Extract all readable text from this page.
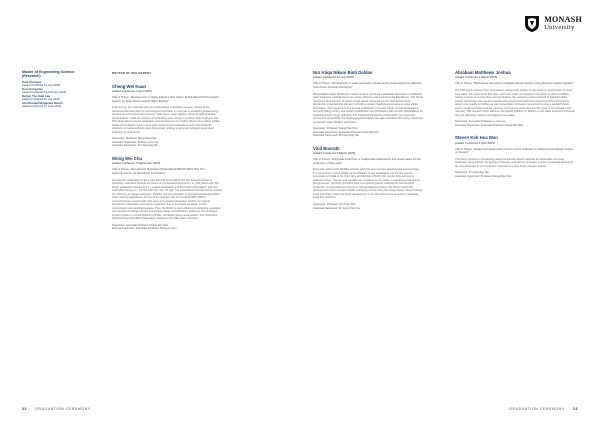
MONASH
University
Master of Engineering Science (Research)
Kam Chi Kent
(Award Conferred 13 July 2025)
Kooi Kong Hao
(Award Conferred 14 February 2025)
Darren Tze Huat Lau
(Award Conferred 15 July 2025)
Ahi Ahamed Mohamed Nazrin
(Award Conferred 15 June 2025)
DOCTOR OF PHILOSOPHY
Cheng Wei Kuan
(Award Conferred 2 April 2025)
Title of Thesis: "Development of Highly Effective Zinc Indium Sulfide-Based Photocatalytic System for Solar-Driven Overall Water Splitting"
Solar energy, the most abundant yet underutilised renewable resource, stands as the quintessential fossil point for technological innovation in response to escalating global energy demand and environmental concerns. Solar-driven water splitting, driven by light-activated photocatalysts, holds the promise of harnessing solar energy to produce clean hydrogen fuel. This study delves into the exploration and development of a highly efficient zinc indium sulfide-based photocatalytic system, from both experimental investigations and computational analyses, to realise ambient solar-driven water splitting to generate hydrogen as an ideal substitute for fossil fuels.
Supervisor: Professor Siang-Piao Chai
Associate Supervisor: Dr Boon-Junn Ng
Associate Supervisor: Dr Lling-Lling Tan
Wong Wei Chu
(Award Conferred 7 September 2025)
Title of Thesis: "Ferroelectric Modulated Photocathode BiFeO3-BFO Thin Film Heterostructures via Rare-Earth Substitution"
Ferroelectric polarisation in the p-type bismuth ferrite (BFO) thin film heterostructures is effectively modulated through the choice of crystal heterostructures (i.e., (001) facet and (111) facet), polarisation directions (i.e., upward polarisation and downward polarisation), and rare-earth (RE) doping (i.e., 1% Nd, 10% Sm, and 7% Gd). The manipulated heterostructures boosts the efficiency of charge separation, transfer, and recombination in photoelectrochemical (PEC) water splitting applications. Among all the samples, the 1% Gd doped BFO (BFO) heterostructures coupled with (111) facet and upward polarisation exhibits the highest ferroelectric polarisation and charge separation due to the lowest bandgap, excess concentration and electrical leakage. Thus, the BGFO is more effective in facilitating separation and transport of charge carriers and limiting charge recombination, leading to the increased incident photon to current efficiency (IPCE), interfacial charge accumulation, and downward band bending at the BGFO/electrolyte interface in the PEC water reduction.
Supervisor: Associate Professor Chang Wei Sian
External Supervisor: Associate Professor Chang Yu Sen
Nur Atiqa Nikam Binti Dahlan
(Award Conferred 13 July 2025)
Title of Thesis: "Development of sodiumed carbon nitride-based photocatalysts for effective solar-driven bacterial disinfection"
Photocatalytic water disinfection stands out as a promising sustainable alternative to traditional water treatment methods due to its energy efficiency and environmental friendliness. This thesis reports the development of carbon nitride-based photocatalysts for high-performance disinfection of Escherichia coli and methicillin-resistant Staphylococcus aureus under visible illumination. The research covers several modification of carbon nitride via elemental doping and morphology tuning, and surface modification via hybridisation with another photocatalyst for maximised solar energy utilisation and enhanced disinfection performance. For improved commercial applicability, the developed photocatalyst was also evaluated after being casted into a polymeric water filtration membrane.
Supervisor: Professor Siang-Piao Chai
Associate Supervisor: Associate Professor Chen Wei Ooi
Associate Supervisor: Dr Lling-Lling Tan
Vinil Bourath
(Award Conferred 9 March 2025)
Title of Thesis: "Enzymatic hydrolysis of malleyanate catalysed by free lipase bases for the production of fatty acids"
Fatty acid methyl ester (FAME) and fatty acid (FA) are important oleochemical intermediates. The conversion of FA to FAME via esterification is well established, but not the reverse conversion of FAME to FA. Palm fatty acid distillate (PFAD) with surplus fatty acid and is relatively cheap, 'reserve' and versatile are considered more viable in operating temperatures and pressures. Currently, enzymes have emerged as greener catalysts for oleochemical production. As the preferred enzyme for the biocatalysis process, this thesis reports the development of an innovative FAME hydrolysis process using free lipase bases. These findings could potentially inspire the future development of an alternative process route for industrial-scale FA production.
Supervisor: Professor Ooi Chien Wei
Associate Supervisor: Dr Gang Chen Fei
Abraham Matthews Joshua
(Award Conferred 2 March 2025)
Title of Thesis: "Bifunctional Nanowire-Al Catalyst (Zeolite Solution Using Biphasic Gelation System"
The PhD thesis explores how microplastics interact with biofilms in oily water to improve their removal from water. The study found that when salt levels make microplastics more likely to stick to bubbles, making it easier to remove them through flotation. By measuring various factors to quantify bubble-particle attachment, the research showed that polyethylene (PE) and polystyrene (PS) microplastics attach more readily to bubbles as salt concentration increases. Experiments using a special flotation column confirmed these findings, showing improved removal rates for both types of microplastics with 'sea salt'. This research helps address microplastic pollution by offering a new water treatment technique that can effectively capture microplastics from water.
Supervisor: Associate Professor Lu Yan Lee
Associate Supervisor: Associate Professor Chang Wei Sian
Steven Kok Hua Wan
(Award Conferred 2 April 2025)
Title of Thesis: "Design and assessment of photo-active materials for efficient photocatalytic fixation of nitrogen"
This thesis focuses on developing catalytical bismuth-based materials for sustainable ammonia production using sunlight. By applying strategies engineering strategies, it opens a potential avenue for the rational design of semiconductor materials for photo-driven nitrogen fixation.
Supervisor: Dr Lling-Lling Tan
Associate Supervisor: Professor Siang-Piao Chai
32 GRADUATION CEREMONY	GRADUATION CEREMONY 33
